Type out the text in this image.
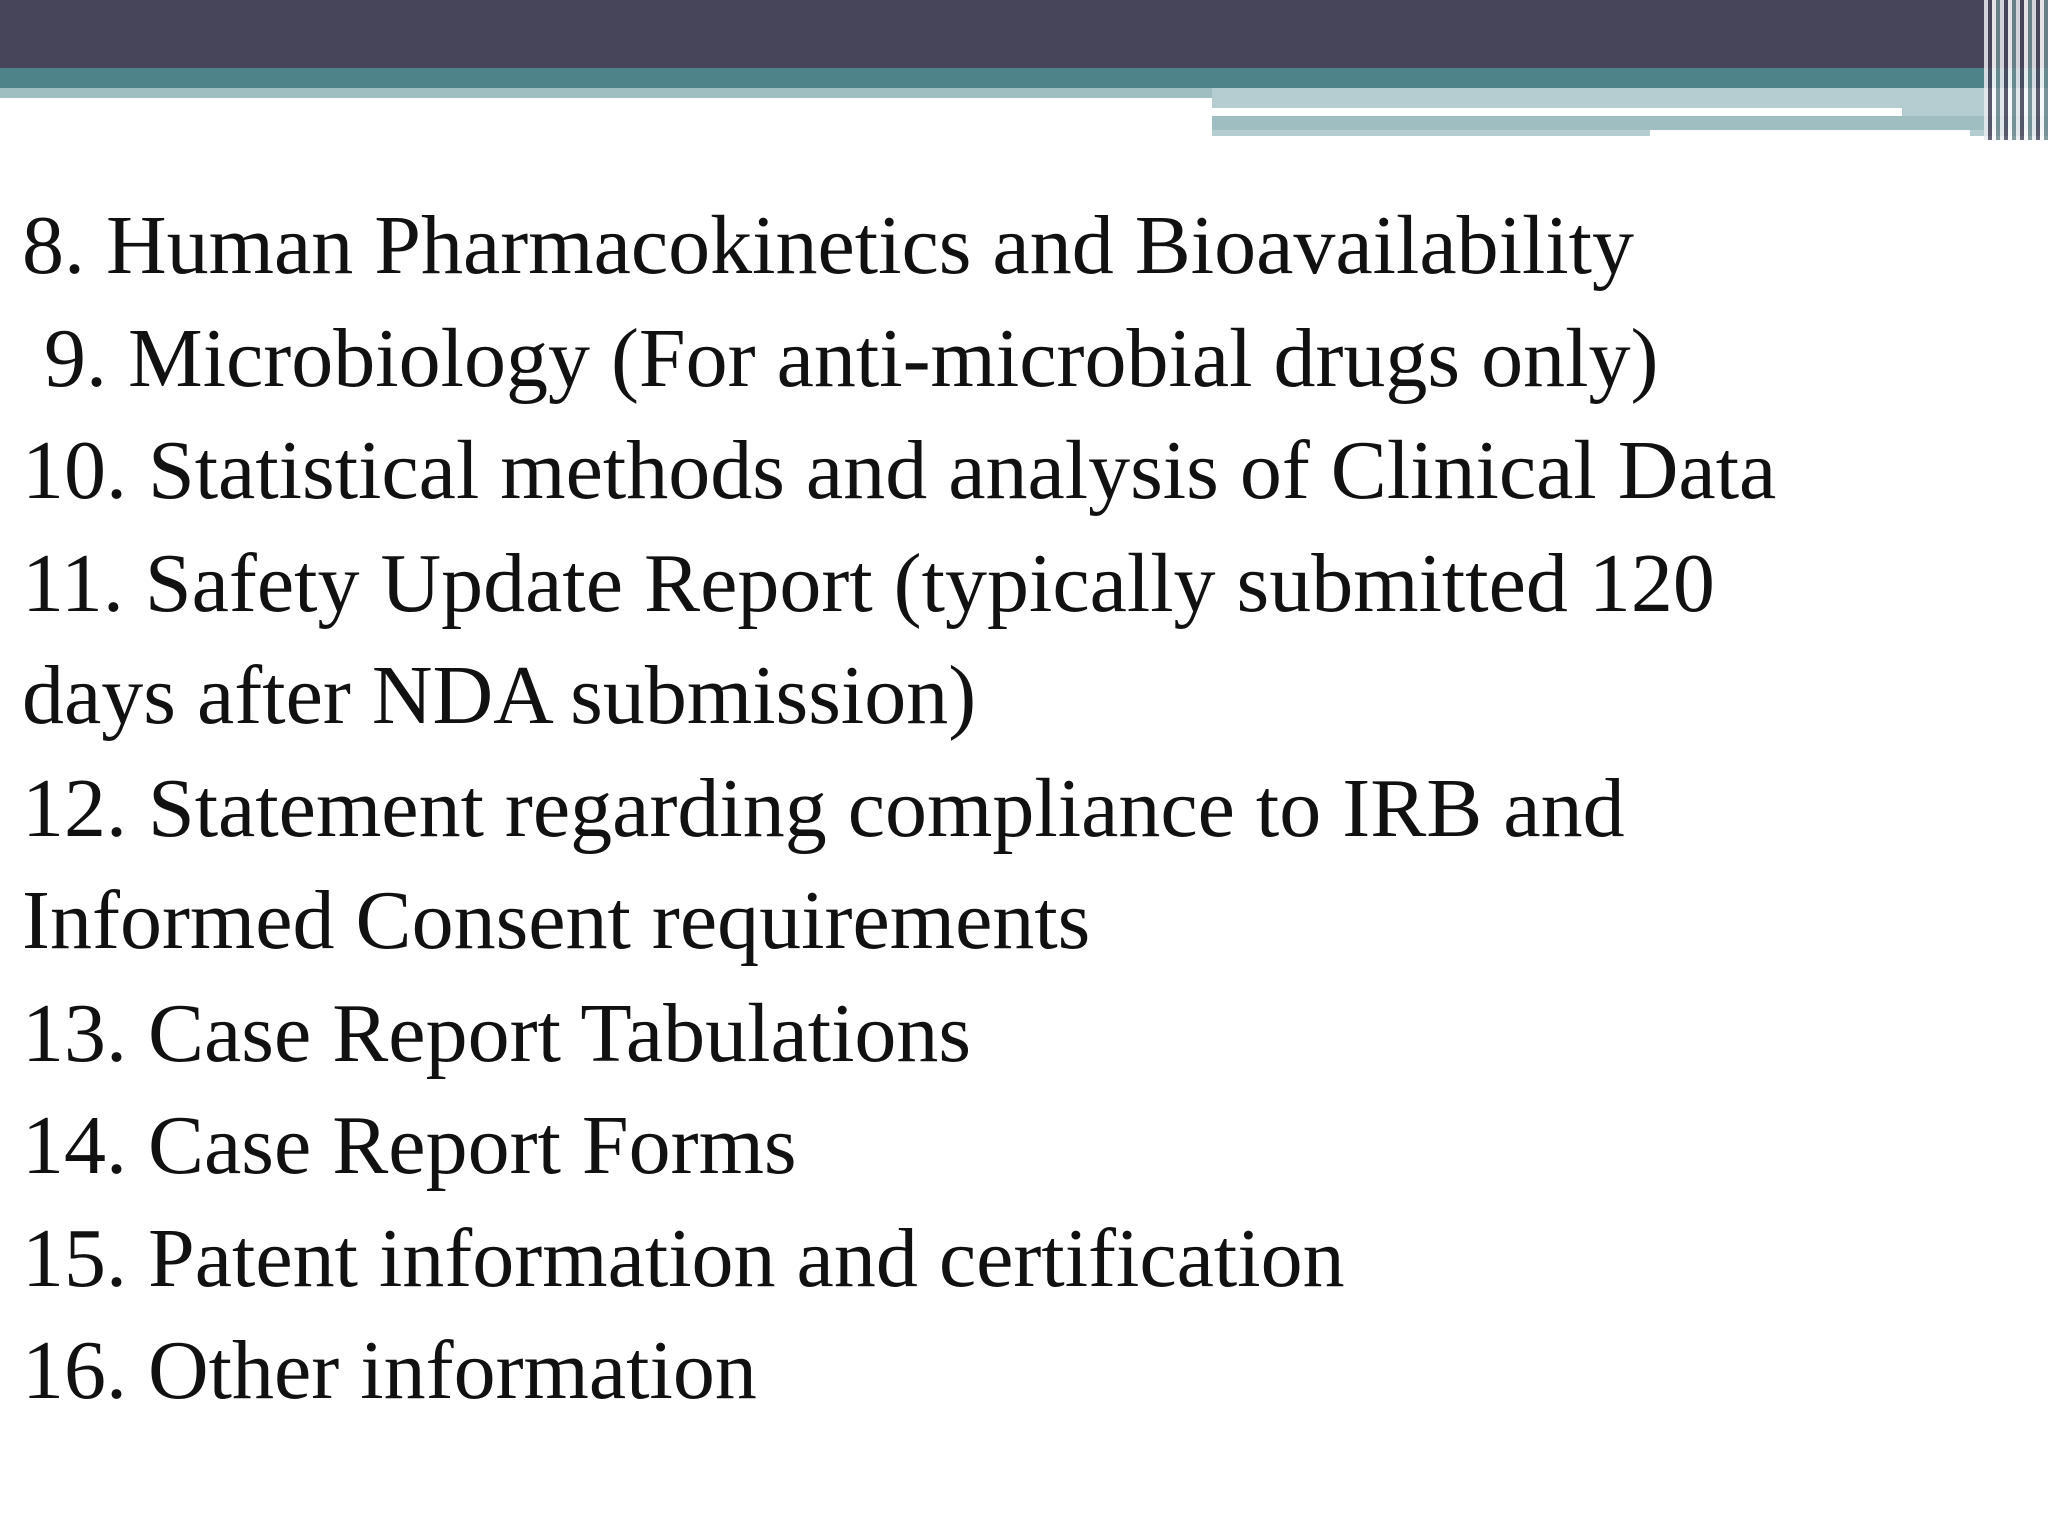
8. Human Pharmacokinetics and Bioavailability
9. Microbiology (For anti-microbial drugs only)
10. Statistical methods and analysis of Clinical Data
11. Safety Update Report (typically submitted 120
days after NDA submission)
12. Statement regarding compliance to IRB and
Informed Consent requirements
13. Case Report Tabulations
14. Case Report Forms
15. Patent information and certification
16. Other information
